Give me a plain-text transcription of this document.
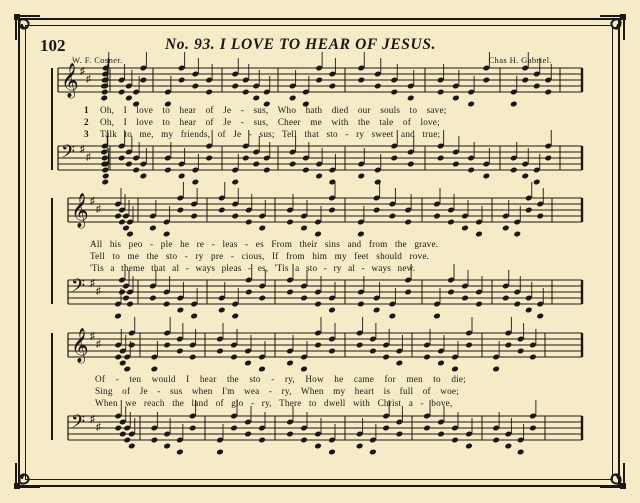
102	No. 93. I LOVE TO HEAR OF JESUS.
W. F. Cosner.	Chas H. Gabriel.
𝄞 ♯
♯
𝄢 ♯
♯
𝄞 ♯
♯
𝄢 ♯
♯
𝄞 ♯
♯
𝄢 ♯
♯
1
2
3
Oh, I love to hear of Je - sus, Who hath died our souls to save;
Oh, I love to hear of Je - sus, Cheer me with the tale of love;
Talk to me, my friends, of Je - sus; Tell that sto - ry sweet and true;
All his peo - ple he re - leas - es From their sins and from the grave.
Tell to me the sto - ry pre - cious, If from him my feet should rove.
'Tis a theme that al - ways pleas - es, 'Tis a sto - ry al - ways new.
Of - ten would I hear the sto - ry, How he came for men to die;
Sing of Je - sus when I'm wea - ry, When my heart is full of woe;
When we reach the land of glo - ry, There to dwell with Christ a - bove,
